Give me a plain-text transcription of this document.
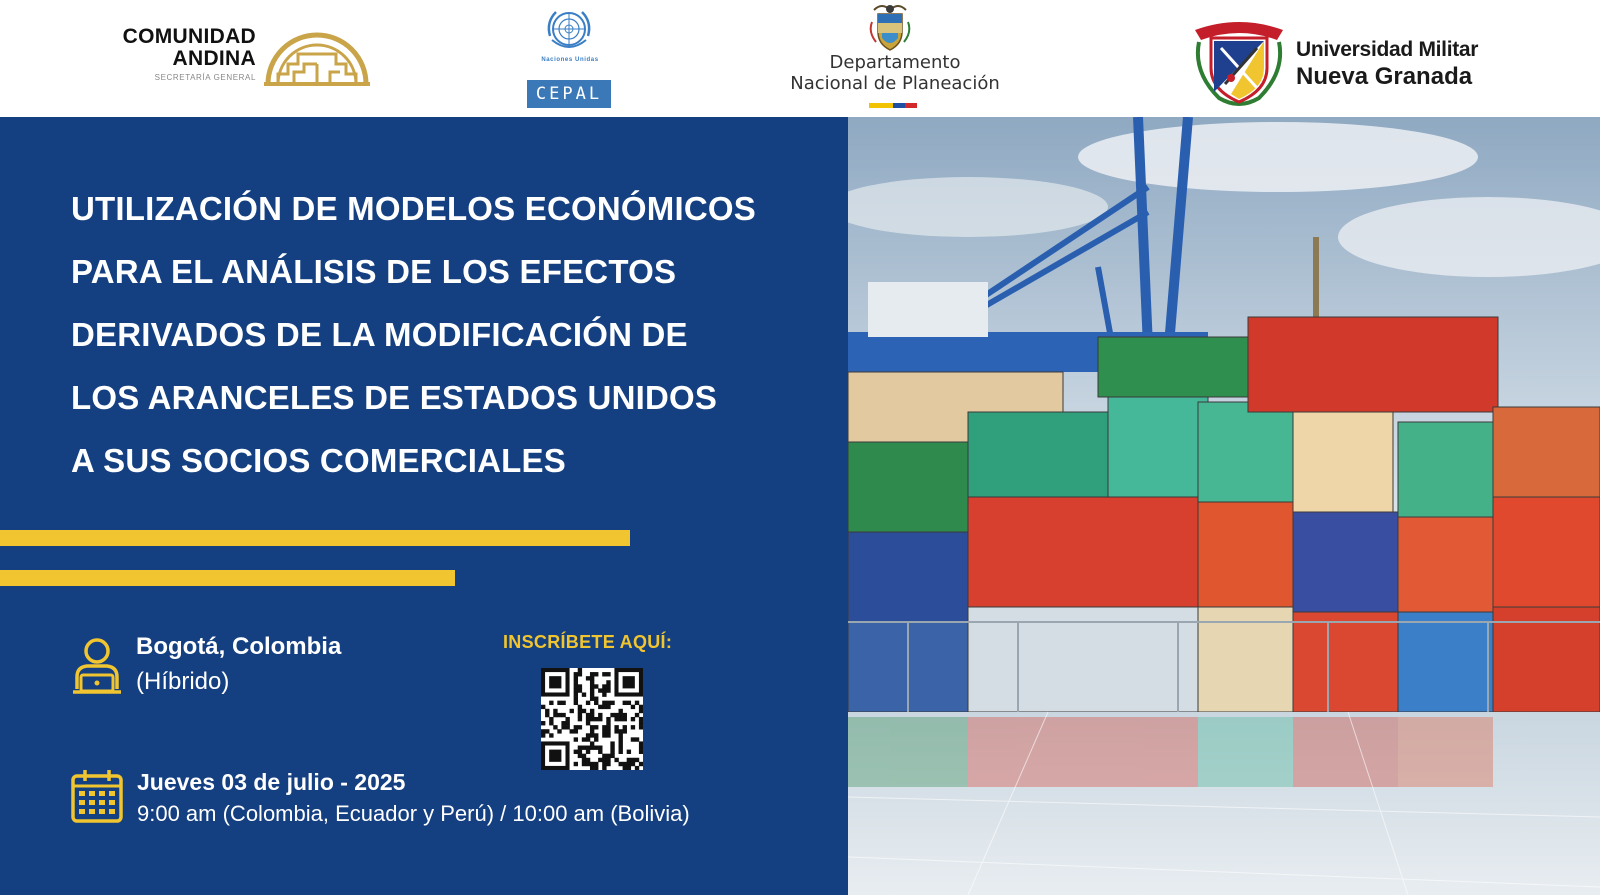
COMUNIDAD
ANDINA
SECRETARÍA GENERAL
Naciones Unidas
CEPAL
Departamento
Nacional de Planeación
Universidad Militar
Nueva Granada
UTILIZACIÓN DE MODELOS ECONÓMICOS
PARA EL ANÁLISIS DE LOS EFECTOS
DERIVADOS DE LA MODIFICACIÓN DE
LOS ARANCELES DE ESTADOS UNIDOS
A SUS SOCIOS COMERCIALES
Bogotá, Colombia
(Híbrido)
INSCRÍBETE AQUÍ:
Jueves 03 de julio - 2025
9:00 am (Colombia, Ecuador y Perú) / 10:00 am (Bolivia)
